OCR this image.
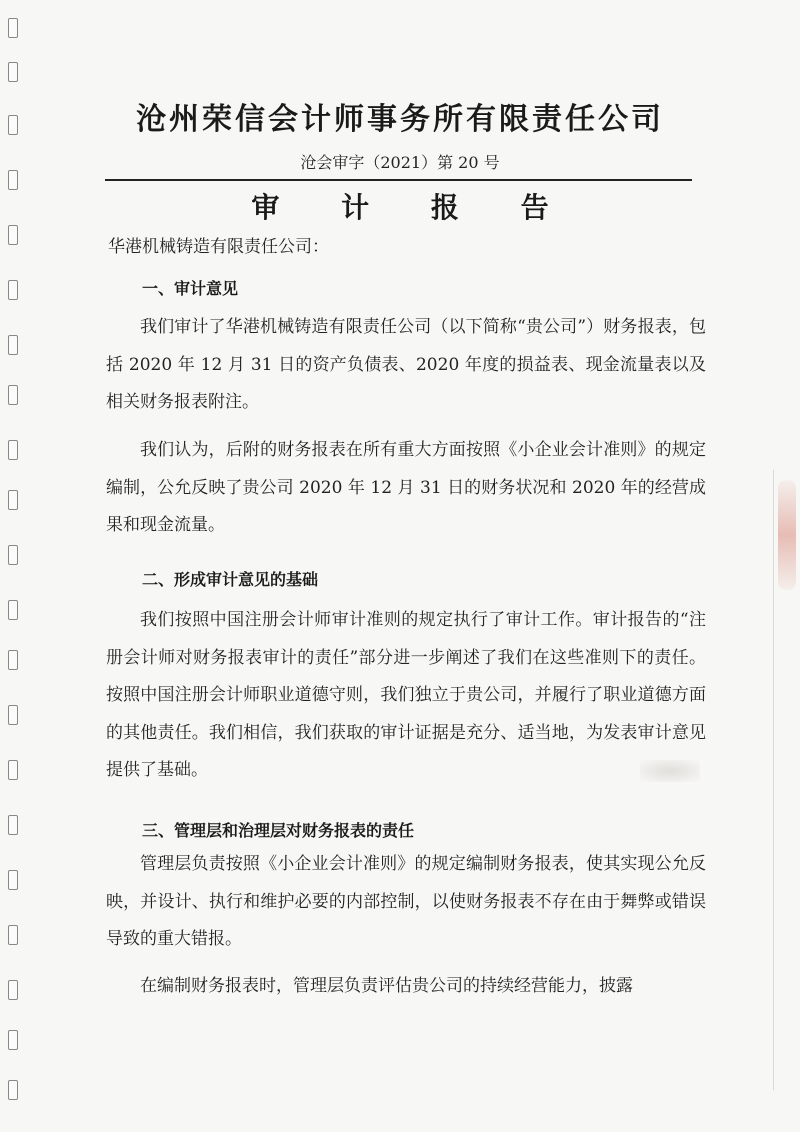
沧州荣信会计师事务所有限责任公司
沧会审字（2021）第 20 号
审 计 报 告
华港机械铸造有限责任公司：
一、审计意见
我们审计了华港机械铸造有限责任公司（以下简称“贵公司”）财务报表，包括 2020 年 12 月 31 日的资产负债表、2020 年度的损益表、现金流量表以及相关财务报表附注。
我们认为，后附的财务报表在所有重大方面按照《小企业会计准则》的规定编制，公允反映了贵公司 2020 年 12 月 31 日的财务状况和 2020 年的经营成果和现金流量。
二、形成审计意见的基础
我们按照中国注册会计师审计准则的规定执行了审计工作。审计报告的“注册会计师对财务报表审计的责任”部分进一步阐述了我们在这些准则下的责任。按照中国注册会计师职业道德守则，我们独立于贵公司，并履行了职业道德方面的其他责任。我们相信，我们获取的审计证据是充分、适当地，为发表审计意见提供了基础。
三、管理层和治理层对财务报表的责任
管理层负责按照《小企业会计准则》的规定编制财务报表，使其实现公允反映，并设计、执行和维护必要的内部控制，以使财务报表不存在由于舞弊或错误导致的重大错报。
在编制财务报表时，管理层负责评估贵公司的持续经营能力，披露
